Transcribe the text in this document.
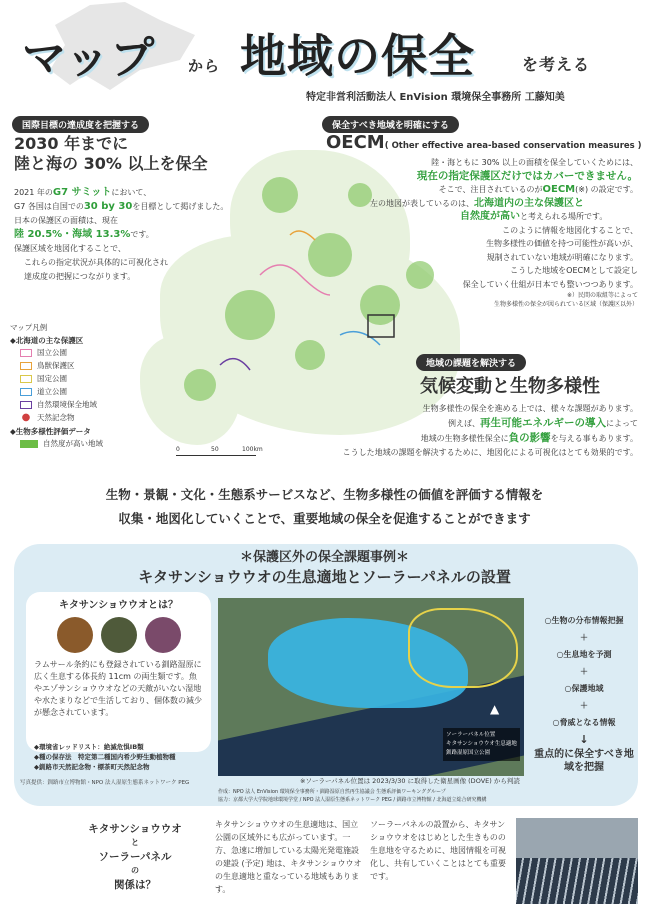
マップ から 地域の保全	を考える
特定非営利活動法人 EnVision 環境保全事務所 工藤知美
国際目標の達成度を把握する
2030 年までに
陸と海の 30% 以上を保全
2021 年のG7 サミットにおいて、
G7 各国は自国での30 by 30を目標として掲げました。
日本の保護区の面積は、現在
陸 20.5%・海域 13.3%です。
保護区域を地図化することで、
これらの指定状況が具体的に可視化され
達成度の把握につながります。
マップ凡例
◆北海道の主な保護区
国立公園
鳥獣保護区
国定公園
道立公園
自然環境保全地域
● 天然記念物
◆生物多様性評価データ
自然度が高い地域
0	50	100km
保全すべき地域を明確にする
OECM( Other effective area-based conservation measures )
陸・海ともに 30% 以上の面積を保全していくためには、
現在の指定保護区だけではカバーできません。
そこで、注目されているのがOECM(※) の設定です。
左の地図が表しているのは、北海道内の主な保護区と
自然度が高いと考えられる場所です。
このように情報を地図化することで、
生物多様性の価値を持つ可能性が高いが、
規制されていない地域が明確になります。
こうした地域をOECMとして設定し
保全していく仕組が日本でも整いつつあります。
※）民間の取組等によって
生物多様性の保全が図られている区域（保護区以外）
地域の課題を解決する
気候変動と生物多様性
生物多様性の保全を進める上では、様々な課題があります。
例えば、再生可能エネルギーの導入によって
地域の生物多様性保全に負の影響を与える事もあります。
こうした地域の課題を解決するために、地図化による可視化はとても効果的です。
生物・景観・文化・生態系サービスなど、生物多様性の価値を評価する情報を
収集・地図化していくことで、重要地域の保全を促進することができます
＊保護区外の保全課題事例＊
キタサンショウウオの生息適地とソーラーパネルの設置
キタサンショウウオとは？
ラムサール条約にも登録されている釧路湿原に広く生息する体長約 11cm の両生類です。魚やエゾサンショウウオなどの天敵がいない湿地や水たまりなどで生活しており、個体数の減少が懸念されています。
◆環境省レッドリスト：絶滅危惧ⅠB類
◆種の保存法　特定第二種国内希少野生動植物種
◆釧路市天然記念物・標茶町天然記念物
写真提供：釧路市立博物館・NPO 法人湿原生態系ネットワーク PEG
ソーラーパネル位置
キタサンショウウオ生息適地
釧路湿原国立公園
▲
※ソーラーパネル位置は 2023/3/30 に取得した衛星画像 (DOVE) から判読
作成：NPO 法人 EnVision 環境保全事務所・釧路湿原自然再生協議会 生態系評価ワーキンググループ
協力：京都大学大学院地球環境学堂 / NPO 法人湿原生態系ネットワーク PEG / 釧路市立博物館 / 北海道立総合研究機構
○生物の分布情報把握
＋
○生息地を予測
＋
○保護地域
＋
○脅威となる情報
↓
重点的に保全すべき地域を把握
キタサンショウウオ
と
ソーラーパネル
の
関係は？
キタサンショウウオの生息適地は、国立公園の区域外にも広がっています。一方、急速に増加している太陽光発電施設の建設 (予定) 地は、キタサンショウウオの生息適地と重なっている地域もあります。
ソーラーパネルの設置から、キタサンショウウオをはじめとした生きものの生息地を守るために、地図情報を可視化し、共有していくことはとても重要です。
